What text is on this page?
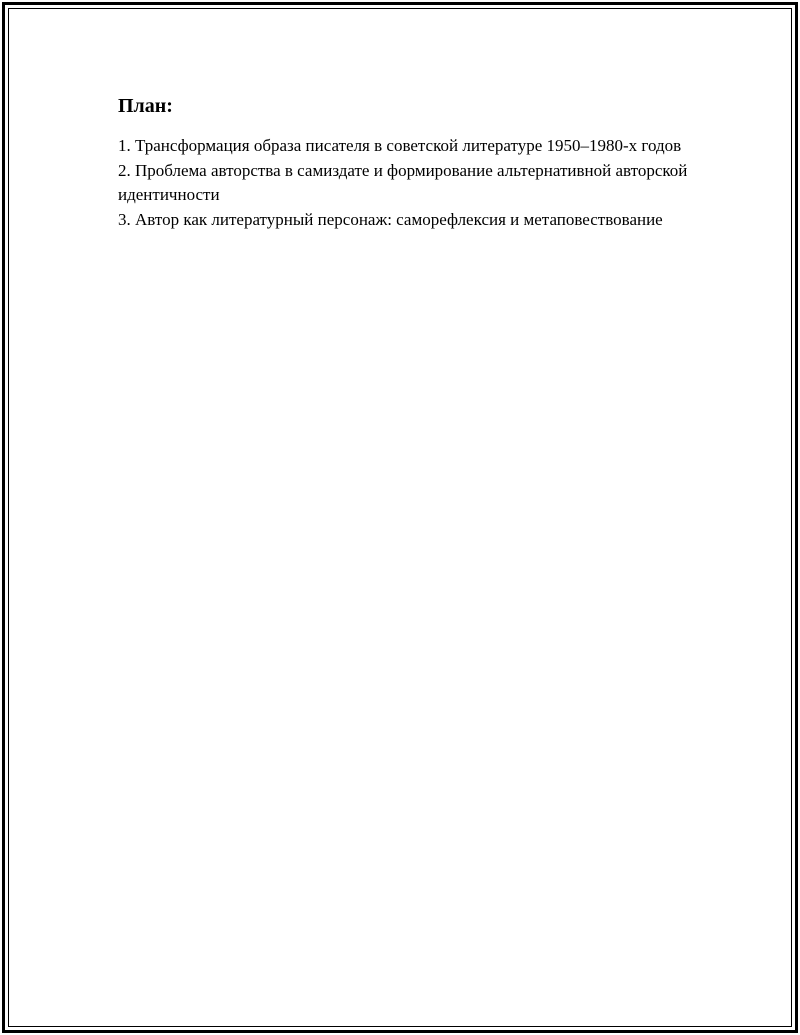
План:
1. Трансформация образа писателя в советской литературе 1950–1980-х годов
2. Проблема авторства в самиздате и формирование альтернативной авторской идентичности
3. Автор как литературный персонаж: саморефлексия и метаповествование
